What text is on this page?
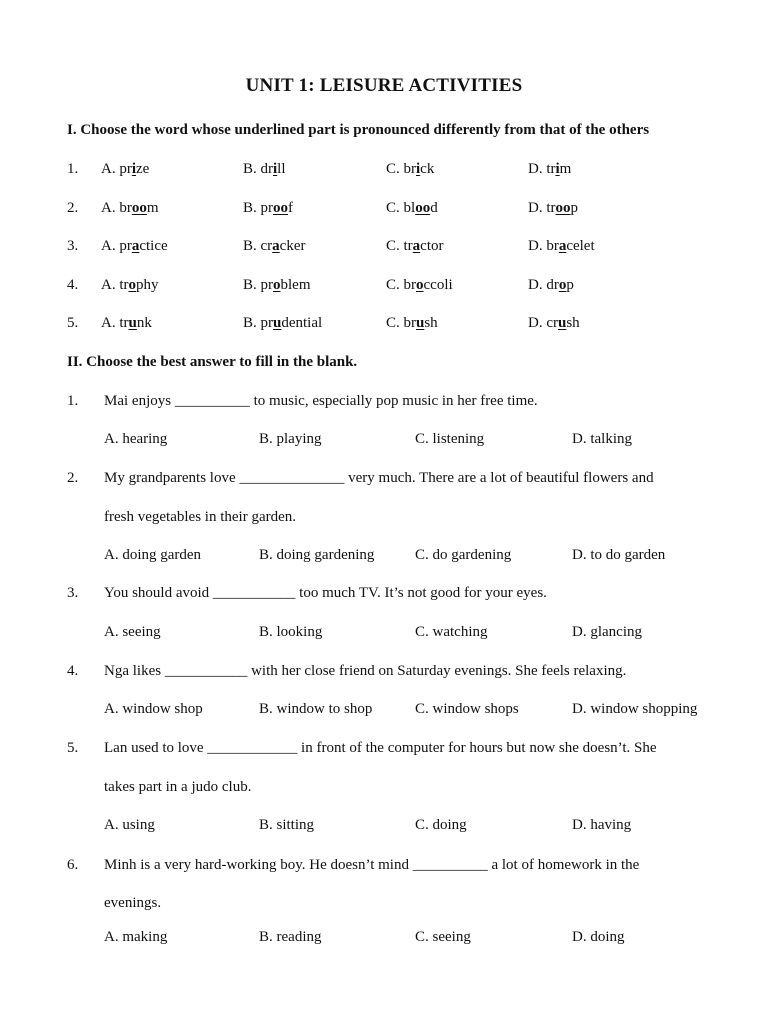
UNIT 1: LEISURE ACTIVITIES
I. Choose the word whose underlined part is pronounced differently from that of the others
1. A. prize	B. drill	C. brick	D. trim
2. A. broom	B. proof	C. blood	D. troop
3. A. practice	B. cracker	C. tractor	D. bracelet
4. A. trophy	B. problem	C. broccoli	D. drop
5. A. trunk	B. prudential	C. brush	D. crush
II. Choose the best answer to fill in the blank.
1. Mai enjoys __________ to music, especially pop music in her free time.
A. hearing	B. playing	C. listening	D. talking
2. My grandparents love ______________ very much. There are a lot of beautiful flowers and
fresh vegetables in their garden.
A. doing garden	B. doing gardening	C. do gardening	D. to do garden
3. You should avoid ___________ too much TV. It’s not good for your eyes.
A. seeing	B. looking	C. watching	D. glancing
4. Nga likes ___________ with her close friend on Saturday evenings. She feels relaxing.
A. window shop	B. window to shop	C. window shops	D. window shopping
5. Lan used to love ____________ in front of the computer for hours but now she doesn’t. She
takes part in a judo club.
A. using	B. sitting	C. doing	D. having
6. Minh is a very hard-working boy. He doesn’t mind __________ a lot of homework in the
evenings.
A. making	B. reading	C. seeing	D. doing
